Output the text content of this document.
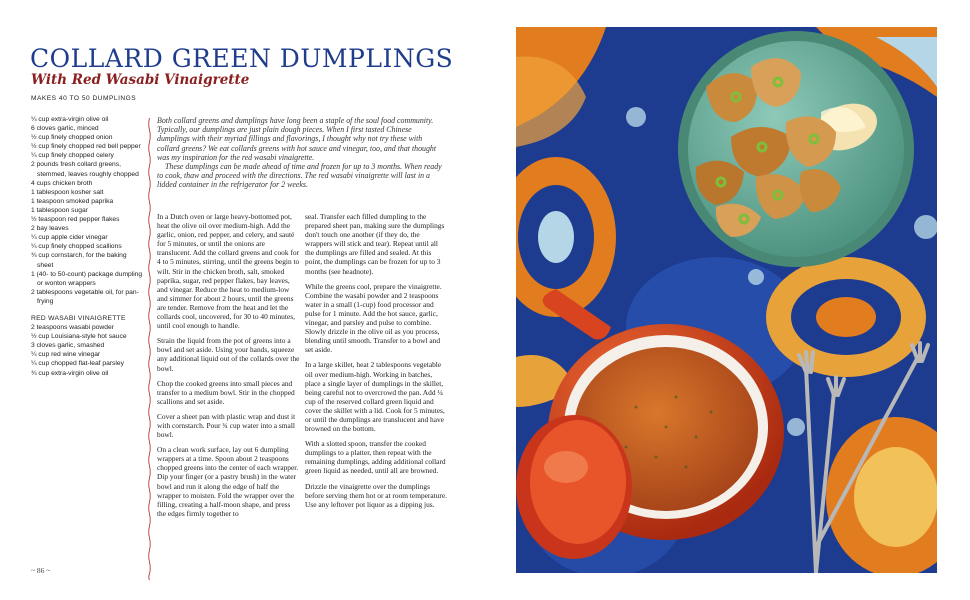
COLLARD GREEN DUMPLINGS
With Red Wasabi Vinaigrette
MAKES 40 TO 50 DUMPLINGS
¼ cup extra-virgin olive oil
6 cloves garlic, minced
½ cup finely chopped onion
½ cup finely chopped red bell pepper
¼ cup finely chopped celery
2 pounds fresh collard greens, stemmed, leaves roughly chopped
4 cups chicken broth
1 tablespoon kosher salt
1 teaspoon smoked paprika
1 tablespoon sugar
½ teaspoon red pepper flakes
2 bay leaves
¼ cup apple cider vinegar
¼ cup finely chopped scallions
¾ cup cornstarch, for the baking sheet
1 (40- to 50-count) package dumpling or wonton wrappers
2 tablespoons vegetable oil, for pan-frying
RED WASABI VINAIGRETTE
2 teaspoons wasabi powder
½ cup Louisiana-style hot sauce
3 cloves garlic, smashed
¼ cup red wine vinegar
¼ cup chopped flat-leaf parsley
¾ cup extra-virgin olive oil

Both collard greens and dumplings have long been a staple of the soul food community. Typically, our dumplings are just plain dough pieces. When I first tasted Chinese dumplings with their myriad fillings and flavorings, I thought why not try these with collard greens? We eat collards greens with hot sauce and vinegar, too, and that thought was my inspiration for the red wasabi vinaigrette.

These dumplings can be made ahead of time and frozen for up to 3 months. When ready to cook, thaw and proceed with the directions. The red wasabi vinaigrette will last in a lidded container in the refrigerator for 2 weeks.

In a Dutch oven or large heavy-bottomed pot, heat the olive oil over medium-high. Add the garlic, onion, red pepper, and celery, and sauté for 5 minutes, or until the onions are translucent. Add the collard greens and cook for 4 to 5 minutes, stirring, until the greens begin to wilt. Stir in the chicken broth, salt, smoked paprika, sugar, red pepper flakes, bay leaves, and vinegar. Reduce the heat to medium-low and simmer for about 2 hours, until the greens are tender. Remove from the heat and let the collards cool, uncovered, for 30 to 40 minutes, until cool enough to handle.

Strain the liquid from the pot of greens into a bowl and set aside. Using your hands, squeeze any additional liquid out of the collards over the bowl.

Chop the cooked greens into small pieces and transfer to a medium bowl. Stir in the chopped scallions and set aside.

Cover a sheet pan with plastic wrap and dust it with cornstarch. Pour ¾ cup water into a small bowl.

On a clean work surface, lay out 6 dumpling wrappers at a time. Spoon about 2 teaspoons chopped greens into the center of each wrapper. Dip your finger (or a pastry brush) in the water bowl and run it along the edge of half the wrapper to moisten. Fold the wrapper over the filling, creating a half-moon shape, and press the edges firmly together to

seal. Transfer each filled dumpling to the prepared sheet pan, making sure the dumplings don't touch one another (if they do, the wrappers will stick and tear). Repeat until all the dumplings are filled and sealed. At this point, the dumplings can be frozen for up to 3 months (see headnote).

While the greens cool, prepare the vinaigrette. Combine the wasabi powder and 2 teaspoons water in a small (1-cup) food processor and pulse for 1 minute. Add the hot sauce, garlic, vinegar, and parsley and pulse to combine. Slowly drizzle in the olive oil as you process, blending until smooth. Transfer to a bowl and set aside.

In a large skillet, heat 2 tablespoons vegetable oil over medium-high. Working in batches, place a single layer of dumplings in the skillet, being careful not to overcrowd the pan. Add ¼ cup of the reserved collard green liquid and cover the skillet with a lid. Cook for 5 minutes, or until the dumplings are translucent and have browned on the bottom.

With a slotted spoon, transfer the cooked dumplings to a platter, then repeat with the remaining dumplings, adding additional collard green liquid as needed, until all are browned.

Drizzle the vinaigrette over the dumplings before serving them hot or at room temperature. Use any leftover pot liquor as a dipping jus.

~ 86 ~
